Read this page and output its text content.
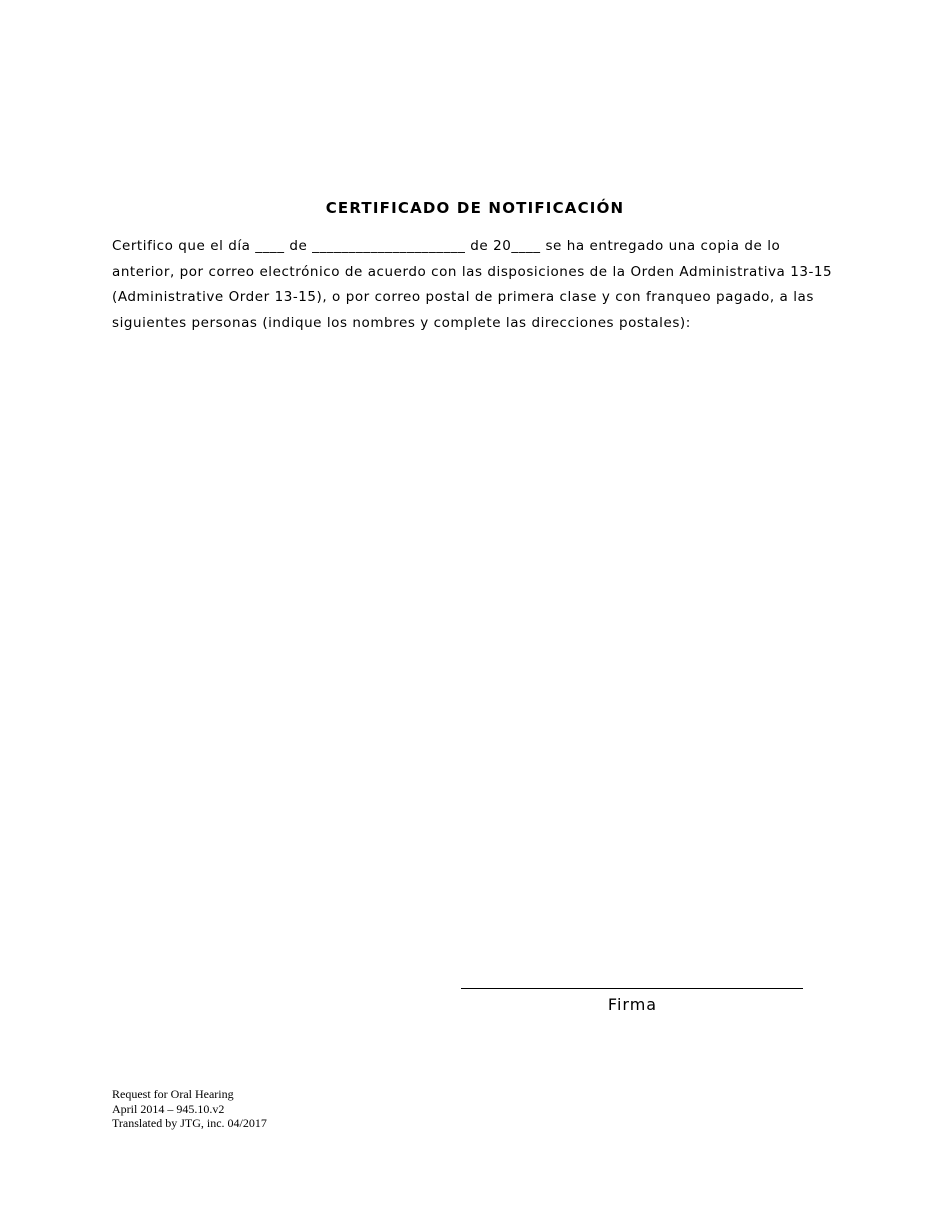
CERTIFICADO DE NOTIFICACIÓN
Certifico que el día ____ de _____________________ de 20____ se ha entregado una copia de lo
anterior, por correo electrónico de acuerdo con las disposiciones de la Orden Administrativa 13-15
(Administrative Order 13-15), o por correo postal de primera clase y con franqueo pagado, a las
siguientes personas (indique los nombres y complete las direcciones postales):
Firma
Request for Oral Hearing
April 2014 – 945.10.v2
Translated by JTG, inc. 04/2017
